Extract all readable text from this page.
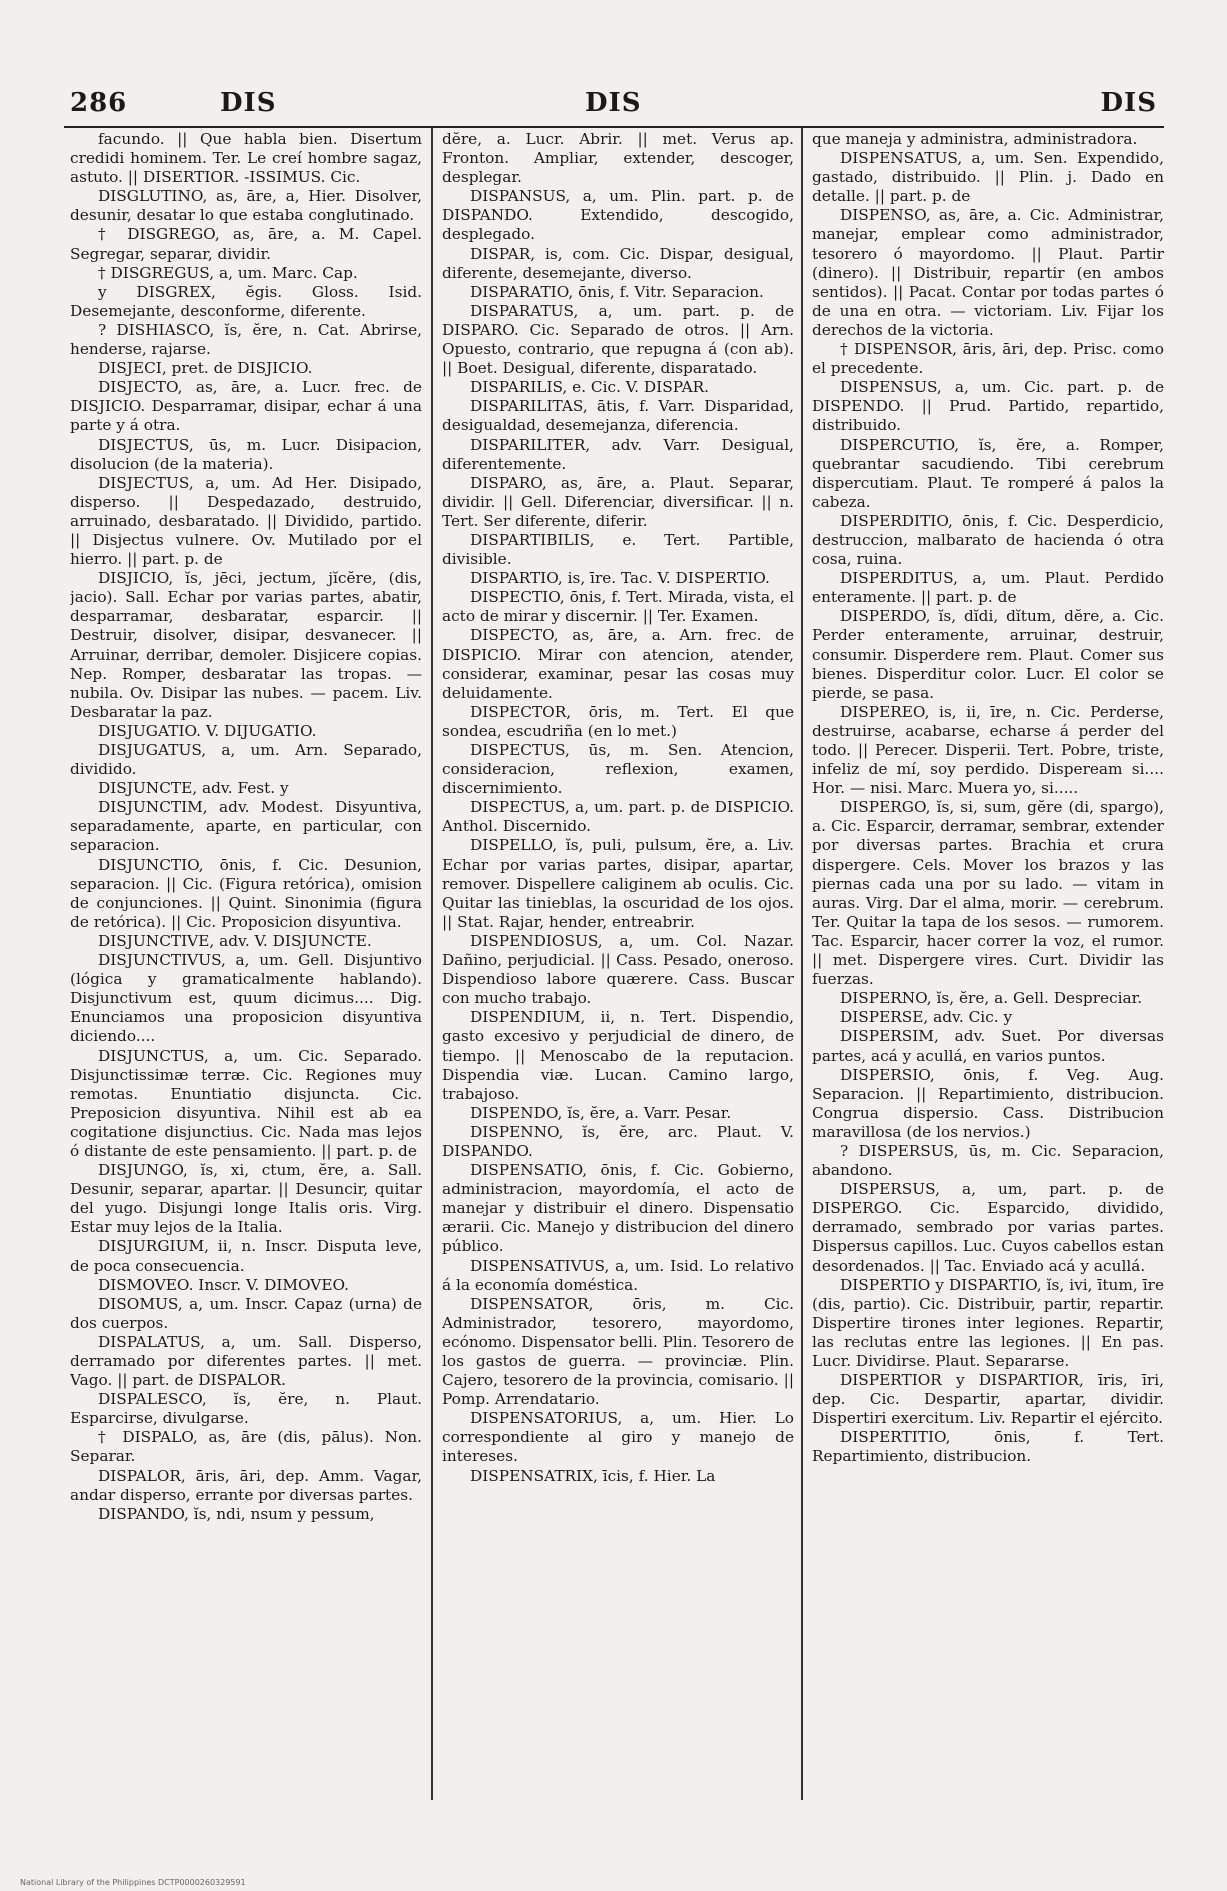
286	DIS	DIS	DIS

facundo. || Que habla bien. Disertum credidi hominem. Ter. Le creí hombre sagaz, astuto. || DISERTIOR. -ISSIMUS. Cic.

DISGLUTINO, as, āre, a, Hier. Disolver, desunir, desatar lo que estaba conglutinado.

† DISGREGO, as, āre, a. M. Capel. Segregar, separar, dividir.

† DISGREGUS, a, um. Marc. Cap.

y DISGREX, ĕgis. Gloss. Isid. Desemejante, desconforme, diferente.

? DISHIASCO, ĭs, ĕre, n. Cat. Abrirse, henderse, rajarse.

DISJECI, pret. de DISJICIO.

DISJECTO, as, āre, a. Lucr. frec. de DISJICIO. Desparramar, disipar, echar á una parte y á otra.

DISJECTUS, ūs, m. Lucr. Disipacion, disolucion (de la materia).

DISJECTUS, a, um. Ad Her. Disipado, disperso. || Despedazado, destruido, arruinado, desbaratado. || Dividido, partido. || Disjectus vulnere. Ov. Mutilado por el hierro. || part. p. de

DISJICIO, ĭs, jēci, jectum, jĭcĕre, (dis, jacio). Sall. Echar por varias partes, abatir, desparramar, desbaratar, esparcir. || Destruir, disolver, disipar, desvanecer. || Arruinar, derribar, demoler. Disjicere copias. Nep. Romper, desbaratar las tropas. — nubila. Ov. Disipar las nubes. — pacem. Liv. Desbaratar la paz.

DISJUGATIO. V. DIJUGATIO.

DISJUGATUS, a, um. Arn. Separado, dividido.

DISJUNCTE, adv. Fest. y

DISJUNCTIM, adv. Modest. Disyuntiva, separadamente, aparte, en particular, con separacion.

DISJUNCTIO, ōnis, f. Cic. Desunion, separacion. || Cic. (Figura retórica), omision de conjunciones. || Quint. Sinonimia (figura de retórica). || Cic. Proposicion disyuntiva.

DISJUNCTIVE, adv. V. DISJUNCTE.

DISJUNCTIVUS, a, um. Gell. Disjuntivo (lógica y gramaticalmente hablando). Disjunctivum est, quum dicimus.... Dig. Enunciamos una proposicion disyuntiva diciendo....

DISJUNCTUS, a, um. Cic. Separado. Disjunctissimæ terræ. Cic. Regiones muy remotas. Enuntiatio disjuncta. Cic. Preposicion disyuntiva. Nihil est ab ea cogitatione disjunctius. Cic. Nada mas lejos ó distante de este pensamiento. || part. p. de

DISJUNGO, ĭs, xi, ctum, ĕre, a. Sall. Desunir, separar, apartar. || Desuncir, quitar del yugo. Disjungi longe Italis oris. Virg. Estar muy lejos de la Italia.

DISJURGIUM, ii, n. Inscr. Disputa leve, de poca consecuencia.

DISMOVEO. Inscr. V. DIMOVEO.

DISOMUS, a, um. Inscr. Capaz (urna) de dos cuerpos.

DISPALATUS, a, um. Sall. Disperso, derramado por diferentes partes. || met. Vago. || part. de DISPALOR.

DISPALESCO, ĭs, ĕre, n. Plaut. Esparcirse, divulgarse.

† DISPALO, as, āre (dis, pālus). Non. Separar.

DISPALOR, āris, āri, dep. Amm. Vagar, andar disperso, errante por diversas partes.

DISPANDO, ĭs, ndi, nsum y pessum,

dĕre, a. Lucr. Abrir. || met. Verus ap. Fronton. Ampliar, extender, descoger, desplegar.

DISPANSUS, a, um. Plin. part. p. de DISPANDO. Extendido, descogido, desplegado.

DISPAR, is, com. Cic. Dispar, desigual, diferente, desemejante, diverso.

DISPARATIO, ōnis, f. Vitr. Separacion.

DISPARATUS, a, um. part. p. de DISPARO. Cic. Separado de otros. || Arn. Opuesto, contrario, que repugna á (con ab). || Boet. Desigual, diferente, disparatado.

DISPARILIS, e. Cic. V. DISPAR.

DISPARILITAS, ātis, f. Varr. Disparidad, desigualdad, desemejanza, diferencia.

DISPARILITER, adv. Varr. Desigual, diferentemente.

DISPARO, as, āre, a. Plaut. Separar, dividir. || Gell. Diferenciar, diversificar. || n. Tert. Ser diferente, diferir.

DISPARTIBILIS, e. Tert. Partible, divisible.

DISPARTIO, is, īre. Tac. V. DISPERTIO.

DISPECTIO, ōnis, f. Tert. Mirada, vista, el acto de mirar y discernir. || Ter. Examen.

DISPECTO, as, āre, a. Arn. frec. de DISPICIO. Mirar con atencion, atender, considerar, examinar, pesar las cosas muy deluidamente.

DISPECTOR, ōris, m. Tert. El que sondea, escudriña (en lo met.)

DISPECTUS, ūs, m. Sen. Atencion, consideracion, reflexion, examen, discernimiento.

DISPECTUS, a, um. part. p. de DISPICIO. Anthol. Discernido.

DISPELLO, ĭs, puli, pulsum, ĕre, a. Liv. Echar por varias partes, disipar, apartar, remover. Dispellere caliginem ab oculis. Cic. Quitar las tinieblas, la oscuridad de los ojos. || Stat. Rajar, hender, entreabrir.

DISPENDIOSUS, a, um. Col. Nazar. Dañino, perjudicial. || Cass. Pesado, oneroso. Dispendioso labore quærere. Cass. Buscar con mucho trabajo.

DISPENDIUM, ii, n. Tert. Dispendio, gasto excesivo y perjudicial de dinero, de tiempo. || Menoscabo de la reputacion. Dispendia viæ. Lucan. Camino largo, trabajoso.

DISPENDO, ĭs, ĕre, a. Varr. Pesar.

DISPENNO, ĭs, ĕre, arc. Plaut. V. DISPANDO.

DISPENSATIO, ōnis, f. Cic. Gobierno, administracion, mayordomía, el acto de manejar y distribuir el dinero. Dispensatio ærarii. Cic. Manejo y distribucion del dinero público.

DISPENSATIVUS, a, um. Isid. Lo relativo á la economía doméstica.

DISPENSATOR, ōris, m. Cic. Administrador, tesorero, mayordomo, ecónomo. Dispensator belli. Plin. Tesorero de los gastos de guerra. — provinciæ. Plin. Cajero, tesorero de la provincia, comisario. || Pomp. Arrendatario.

DISPENSATORIUS, a, um. Hier. Lo correspondiente al giro y manejo de intereses.

DISPENSATRIX, īcis, f. Hier. La

que maneja y administra, administradora.

DISPENSATUS, a, um. Sen. Expendido, gastado, distribuido. || Plin. j. Dado en detalle. || part. p. de

DISPENSO, as, āre, a. Cic. Administrar, manejar, emplear como administrador, tesorero ó mayordomo. || Plaut. Partir (dinero). || Distribuir, repartir (en ambos sentidos). || Pacat. Contar por todas partes ó de una en otra. — victoriam. Liv. Fijar los derechos de la victoria.

† DISPENSOR, āris, āri, dep. Prisc. como el precedente.

DISPENSUS, a, um. Cic. part. p. de DISPENDO. || Prud. Partido, repartido, distribuido.

DISPERCUTIO, ĭs, ĕre, a. Romper, quebrantar sacudiendo. Tibi cerebrum dispercutiam. Plaut. Te romperé á palos la cabeza.

DISPERDITIO, ōnis, f. Cic. Desperdicio, destruccion, malbarato de hacienda ó otra cosa, ruina.

DISPERDITUS, a, um. Plaut. Perdido enteramente. || part. p. de

DISPERDO, ĭs, dĭdi, dĭtum, dĕre, a. Cic. Perder enteramente, arruinar, destruir, consumir. Disperdere rem. Plaut. Comer sus bienes. Disperditur color. Lucr. El color se pierde, se pasa.

DISPEREO, is, ii, īre, n. Cic. Perderse, destruirse, acabarse, echarse á perder del todo. || Perecer. Disperii. Tert. Pobre, triste, infeliz de mí, soy perdido. Dispeream si.... Hor. — nisi. Marc. Muera yo, si.....

DISPERGO, ĭs, si, sum, gĕre (di, spargo), a. Cic. Esparcir, derramar, sembrar, extender por diversas partes. Brachia et crura dispergere. Cels. Mover los brazos y las piernas cada una por su lado. — vitam in auras. Virg. Dar el alma, morir. — cerebrum. Ter. Quitar la tapa de los sesos. — rumorem. Tac. Esparcir, hacer correr la voz, el rumor. || met. Dispergere vires. Curt. Dividir las fuerzas.

DISPERNO, ĭs, ĕre, a. Gell. Despreciar.

DISPERSE, adv. Cic. y

DISPERSIM, adv. Suet. Por diversas partes, acá y acullá, en varios puntos.

DISPERSIO, ōnis, f. Veg. Aug. Separacion. || Repartimiento, distribucion. Congrua dispersio. Cass. Distribucion maravillosa (de los nervios.)

? DISPERSUS, ūs, m. Cic. Separacion, abandono.

DISPERSUS, a, um, part. p. de DISPERGO. Cic. Esparcido, dividido, derramado, sembrado por varias partes. Dispersus capillos. Luc. Cuyos cabellos estan desordenados. || Tac. Enviado acá y acullá.

DISPERTIO y DISPARTIO, ĭs, ivi, ītum, īre (dis, partio). Cic. Distribuir, partir, repartir. Dispertire tirones inter legiones. Repartir, las reclutas entre las legiones. || En pas. Lucr. Dividirse. Plaut. Separarse.

DISPERTIOR y DISPARTIOR, īris, īri, dep. Cic. Despartir, apartar, dividir. Dispertiri exercitum. Liv. Repartir el ejército.

DISPERTITIO, ōnis, f. Tert. Repartimiento, distribucion.

National Library of the Philippines DCTP0000260329591
